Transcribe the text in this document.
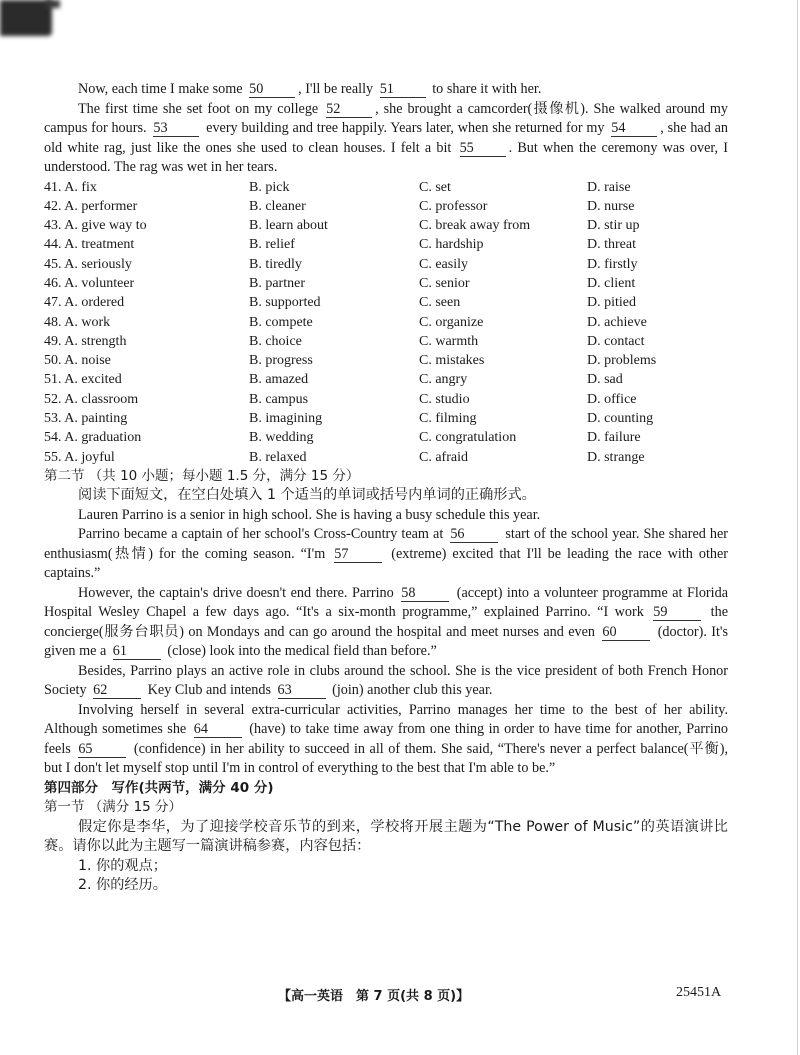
Now, each time I make some 50 , I'll be really 51	to share it with her.

The first time she set foot on my college 52 , she brought a camcorder(摄像机). She walked around my campus for hours. 53	every building and tree happily. Years later, when she returned for my 54 , she had an old white rag, just like the ones she used to clean houses. I felt a bit 55 . But when the ceremony was over, I understood. The rag was wet in her tears.

41. A. fix	B. pick	C. set	D. raise
42. A. performer	B. cleaner	C. professor	D. nurse
43. A. give way to	B. learn about	C. break away from	D. stir up
44. A. treatment	B. relief	C. hardship	D. threat
45. A. seriously	B. tiredly	C. easily	D. firstly
46. A. volunteer	B. partner	C. senior	D. client
47. A. ordered	B. supported	C. seen	D. pitied
48. A. work	B. compete	C. organize	D. achieve
49. A. strength	B. choice	C. warmth	D. contact
50. A. noise	B. progress	C. mistakes	D. problems
51. A. excited	B. amazed	C. angry	D. sad
52. A. classroom	B. campus	C. studio	D. office
53. A. painting	B. imagining	C. filming	D. counting
54. A. graduation	B. wedding	C. congratulation	D. failure
55. A. joyful	B. relaxed	C. afraid	D. strange

第二节 （共 10 小题；每小题 1.5 分，满分 15 分）

阅读下面短文，在空白处填入 1 个适当的单词或括号内单词的正确形式。

Lauren Parrino is a senior in high school. She is having a busy schedule this year.

Parrino became a captain of her school's Cross-Country team at 56	start of the school year. She shared her enthusiasm(热情) for the coming season. “I'm 57	(extreme) excited that I'll be leading the race with other captains.”

However, the captain's drive doesn't end there. Parrino 58	(accept) into a volunteer programme at Florida Hospital Wesley Chapel a few days ago. “It's a six-month programme,” explained Parrino. “I work 59	the concierge(服务台职员) on Mondays and can go around the hospital and meet nurses and even 60	(doctor). It's given me a 61	(close) look into the medical field than before.”

Besides, Parrino plays an active role in clubs around the school. She is the vice president of both French Honor Society 62	Key Club and intends 63	(join) another club this year.

Involving herself in several extra-curricular activities, Parrino manages her time to the best of her ability. Although sometimes she 64	(have) to take time away from one thing in order to have time for another, Parrino feels 65	(confidence) in her ability to succeed in all of them. She said, “There's never a perfect balance(平衡), but I don't let myself stop until I'm in control of everything to the best that I'm able to be.”

第四部分　写作(共两节，满分 40 分)

第一节 （满分 15 分）

假定你是李华，为了迎接学校音乐节的到来，学校将开展主题为“The Power of Music”的英语演讲比赛。请你以此为主题写一篇演讲稿参赛，内容包括：

1. 你的观点；

2. 你的经历。

【高一英语　第 7 页(共 8 页)】	25451A
